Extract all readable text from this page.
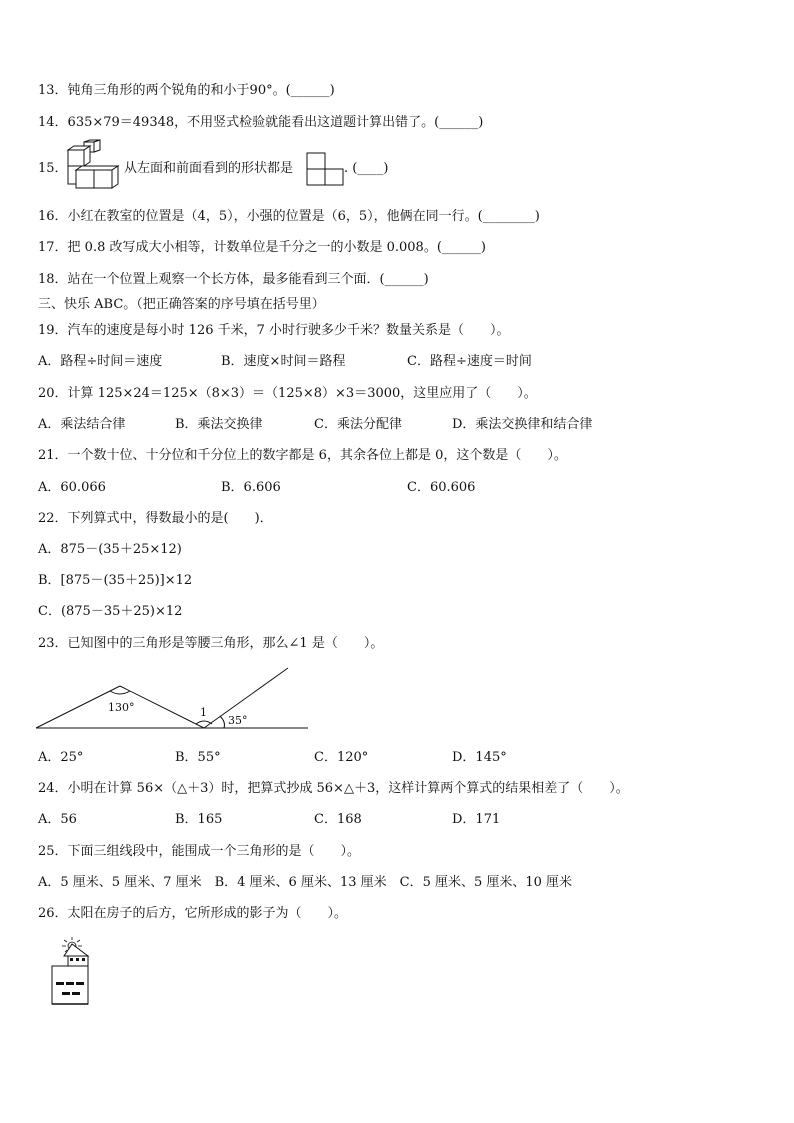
13．钝角三角形的两个锐角的和小于90°。(______)
14．635×79＝49348，不用竖式检验就能看出这道题计算出错了。(______)
15．	从左面和前面看到的形状都是	. (____)
16．小红在教室的位置是（4，5），小强的位置是（6，5），他俩在同一行。(________)
17．把 0.8 改写成大小相等，计数单位是千分之一的小数是 0.008。(______)
18．站在一个位置上观察一个长方体，最多能看到三个面．(______)
三、快乐 ABC。（把正确答案的序号填在括号里）
19．汽车的速度是每小时 126 千米，7 小时行驶多少千米？数量关系是（　　）。
A．路程÷时间＝速度	B．速度×时间＝路程	C．路程÷速度＝时间
20．计算 125×24＝125×（8×3）＝（125×8）×3＝3000，这里应用了（　　）。
A．乘法结合律	B．乘法交换律	C．乘法分配律	D．乘法交换律和结合律
21．一个数十位、十分位和千分位上的数字都是 6，其余各位上都是 0，这个数是（　　）。
A．60.066	B．6.606	C．60.606
22．下列算式中，得数最小的是(　　)．
A．875－(35＋25×12)
B．[875－(35＋25)]×12
C．(875－35＋25)×12
23．已知图中的三角形是等腰三角形，那么∠1 是（　　）。
130°	1
35°
A．25°	B．55°	C．120°	D．145°
24．小明在计算 56×（△＋3）时，把算式抄成 56×△＋3，这样计算两个算式的结果相差了（　　）。
A．56	B．165	C．168	D．171
25．下面三组线段中，能围成一个三角形的是（　　）。
A．5 厘米、5 厘米、7 厘米　B．4 厘米、6 厘米、13 厘米　C．5 厘米、5 厘米、10 厘米
26．太阳在房子的后方，它所形成的影子为（　　）。
